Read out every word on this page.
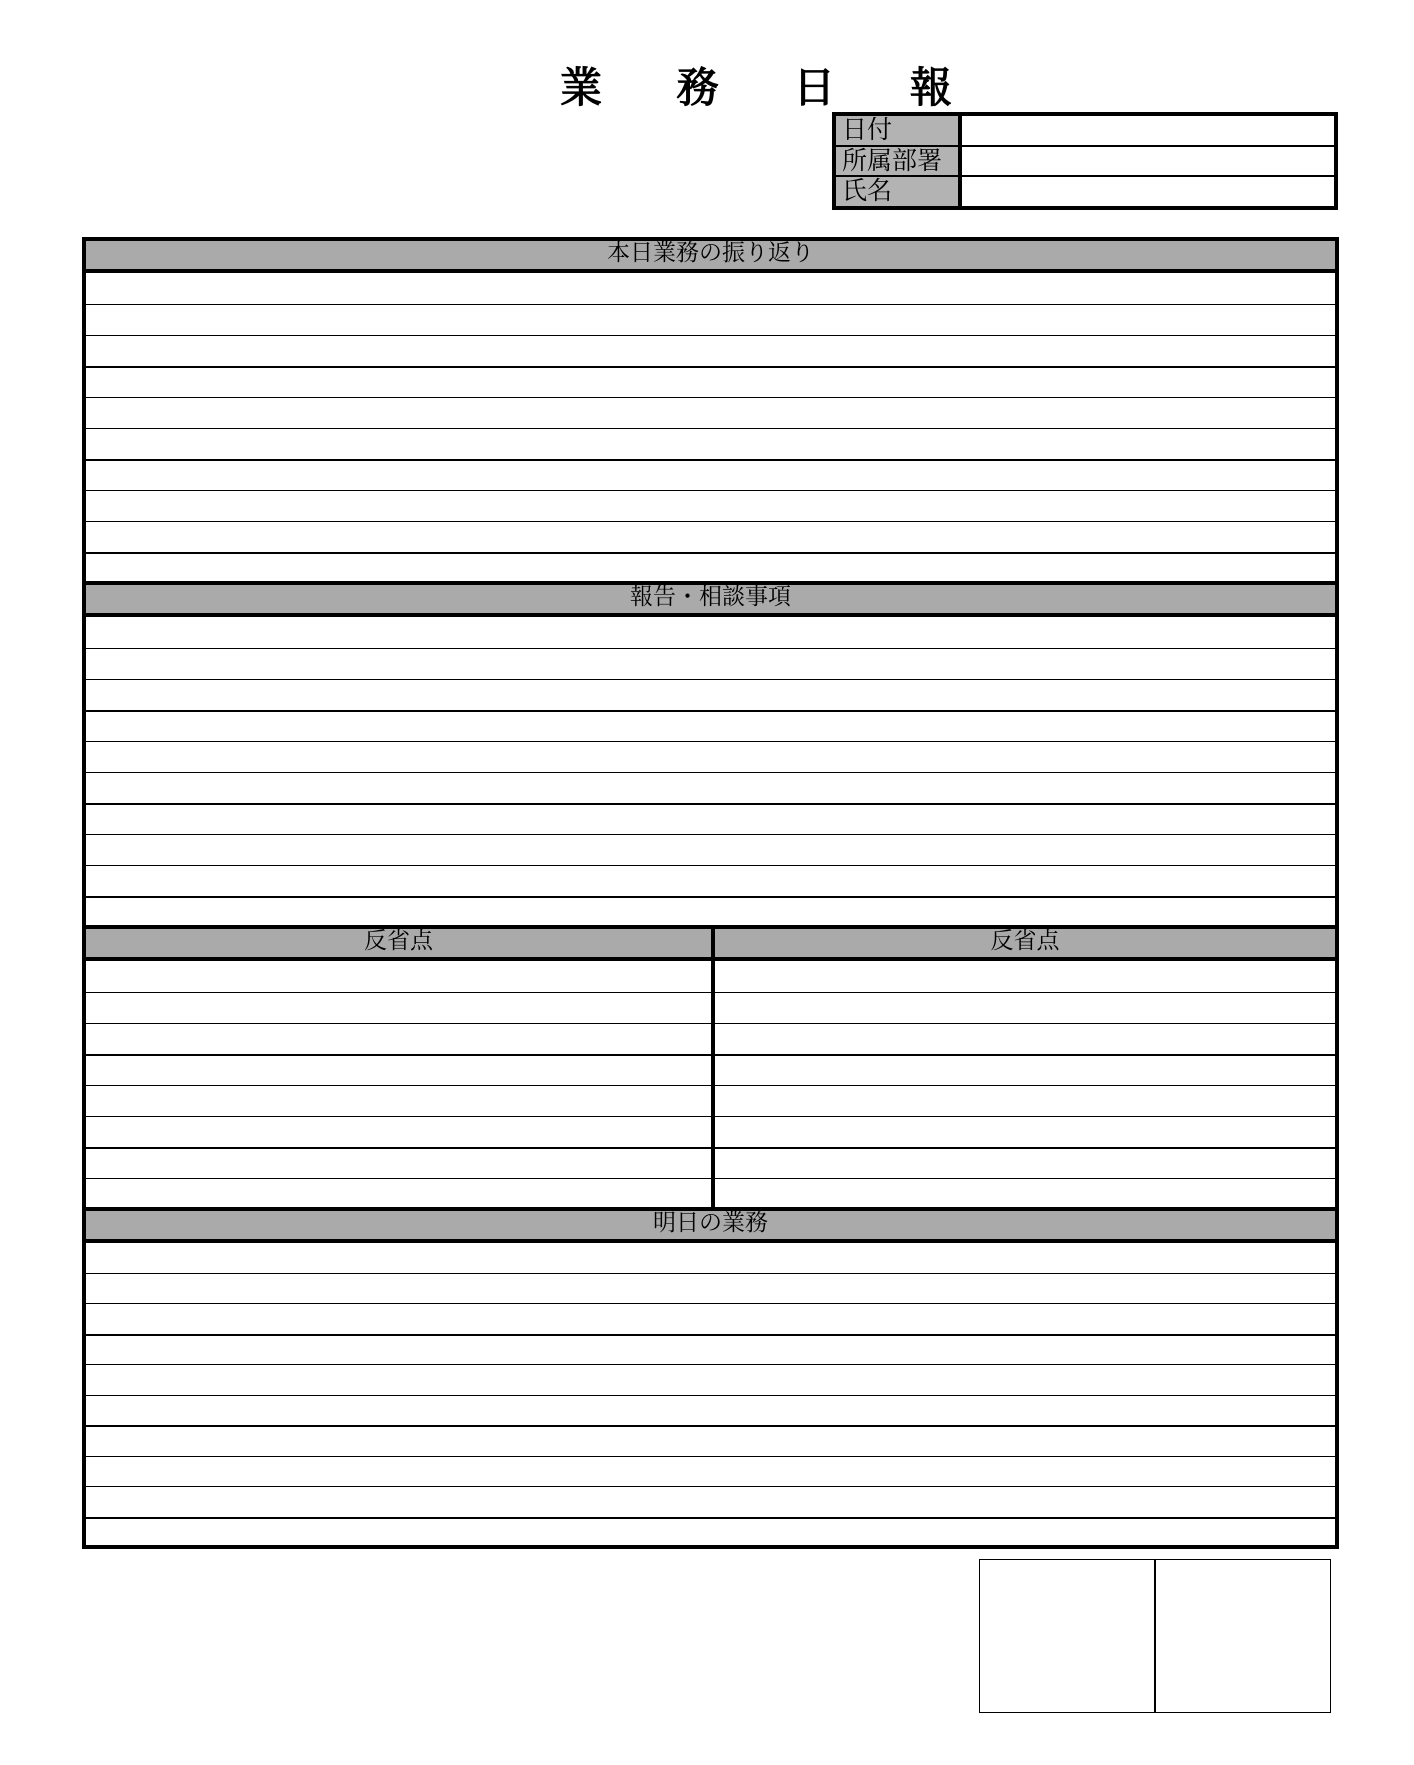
業 務 日 報
日付
所属部署
氏名
本日業務の振り返り
報告・相談事項
反省点	反省点
明日の業務
